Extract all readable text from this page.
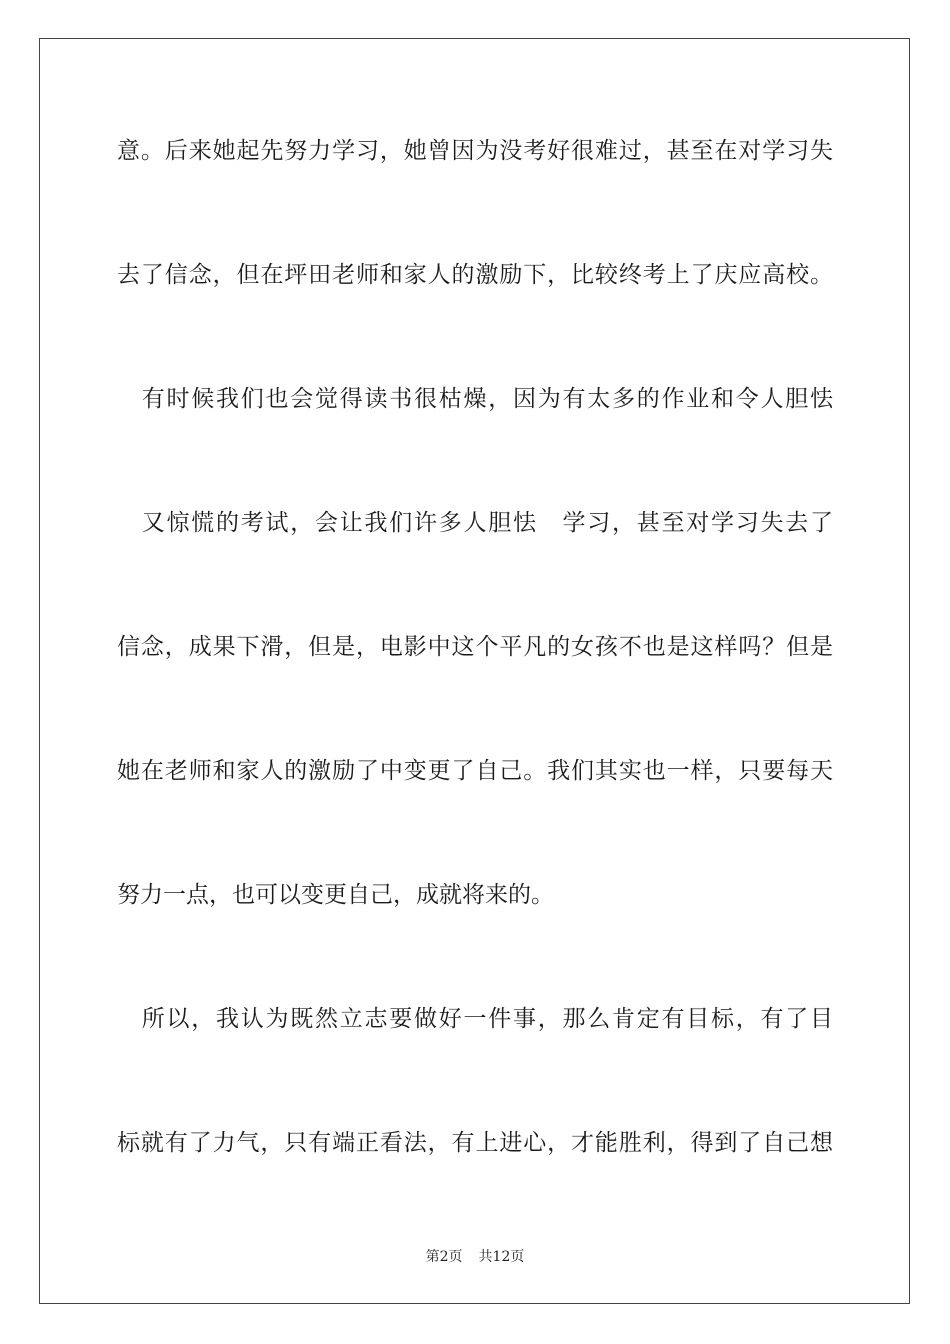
意。后来她起先努力学习，她曾因为没考好很难过，甚至在对学习失
去了信念，但在坪田老师和家人的激励下，比较终考上了庆应高校。
　有时候我们也会觉得读书很枯燥，因为有太多的作业和令人胆怯
　又惊慌的考试，会让我们许多人胆怯　学习，甚至对学习失去了
信念，成果下滑，但是，电影中这个平凡的女孩不也是这样吗？但是
她在老师和家人的激励了中变更了自己。我们其实也一样，只要每天
努力一点，也可以变更自己，成就将来的。
　所以，我认为既然立志要做好一件事，那么肯定有目标，有了目
标就有了力气，只有端正看法，有上进心，才能胜利，得到了自己想
第2页 共12页
